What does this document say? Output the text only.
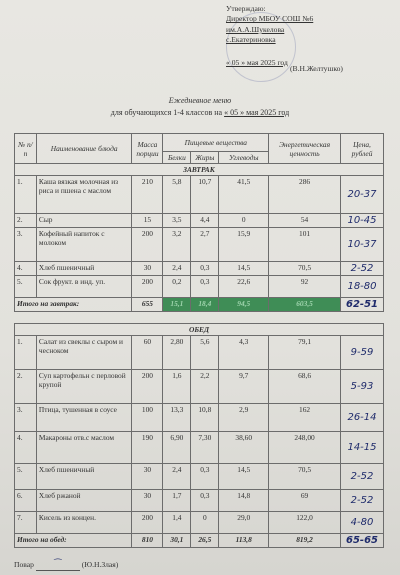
Утверждаю:
Директор МБОУ СОШ №6
им.А.А.Шукелова
с.Екатериновка
« 05 » мая 2025 год
(В.Н.Желтушко)
Ежедневное меню
для обучающихся 1-4 классов на « 05 » мая 2025 год
№ п/п	Наименование блюда	Масса порции	Пищевые вещества			Энергетическая ценность	Цена, рублей
			Белки	Жиры	Углеводы		
ЗАВТРАК							
1.	Каша вязкая молочная из риса и пшена с маслом	210	5,8	10,7	41,5	286	20-37
2.	Сыр	15	3,5	4,4	0	54	10-45
3.	Кофейный напиток с молоком	200	3,2	2,7	15,9	101	10-37
4.	Хлеб пшеничный	30	2,4	0,3	14,5	70,5	2-52
5.	Сок фрукт. в инд. уп.	200	0,2	0,3	22,6	92	18-80
Итого на завтрак:		655	15,1	18,4	94,5	603,5	62-51

ОБЕД							
1.	Салат из свеклы с сыром и чесноком	60	2,80	5,6	4,3	79,1	9-59
2.	Суп картофельн с перловой крупой	200	1,6	2,2	9,7	68,6	5-93
3.	Птица, тушенная в соусе	100	13,3	10,8	2,9	162	26-14
4.	Макароны отв.с маслом	190	6,90	7,30	38,60	248,00	14-15
5.	Хлеб пшеничный	30	2,4	0,3	14,5	70,5	2-52
6.	Хлеб ржаной	30	1,7	0,3	14,8	69	2-52
7.	Кисель из концен.	200	1,4	0	29,0	122,0	4-80
Итого на обед:		810	30,1	26,5	113,8	819,2	65-65
Повар ⁀	(Ю.Н.Злая)
